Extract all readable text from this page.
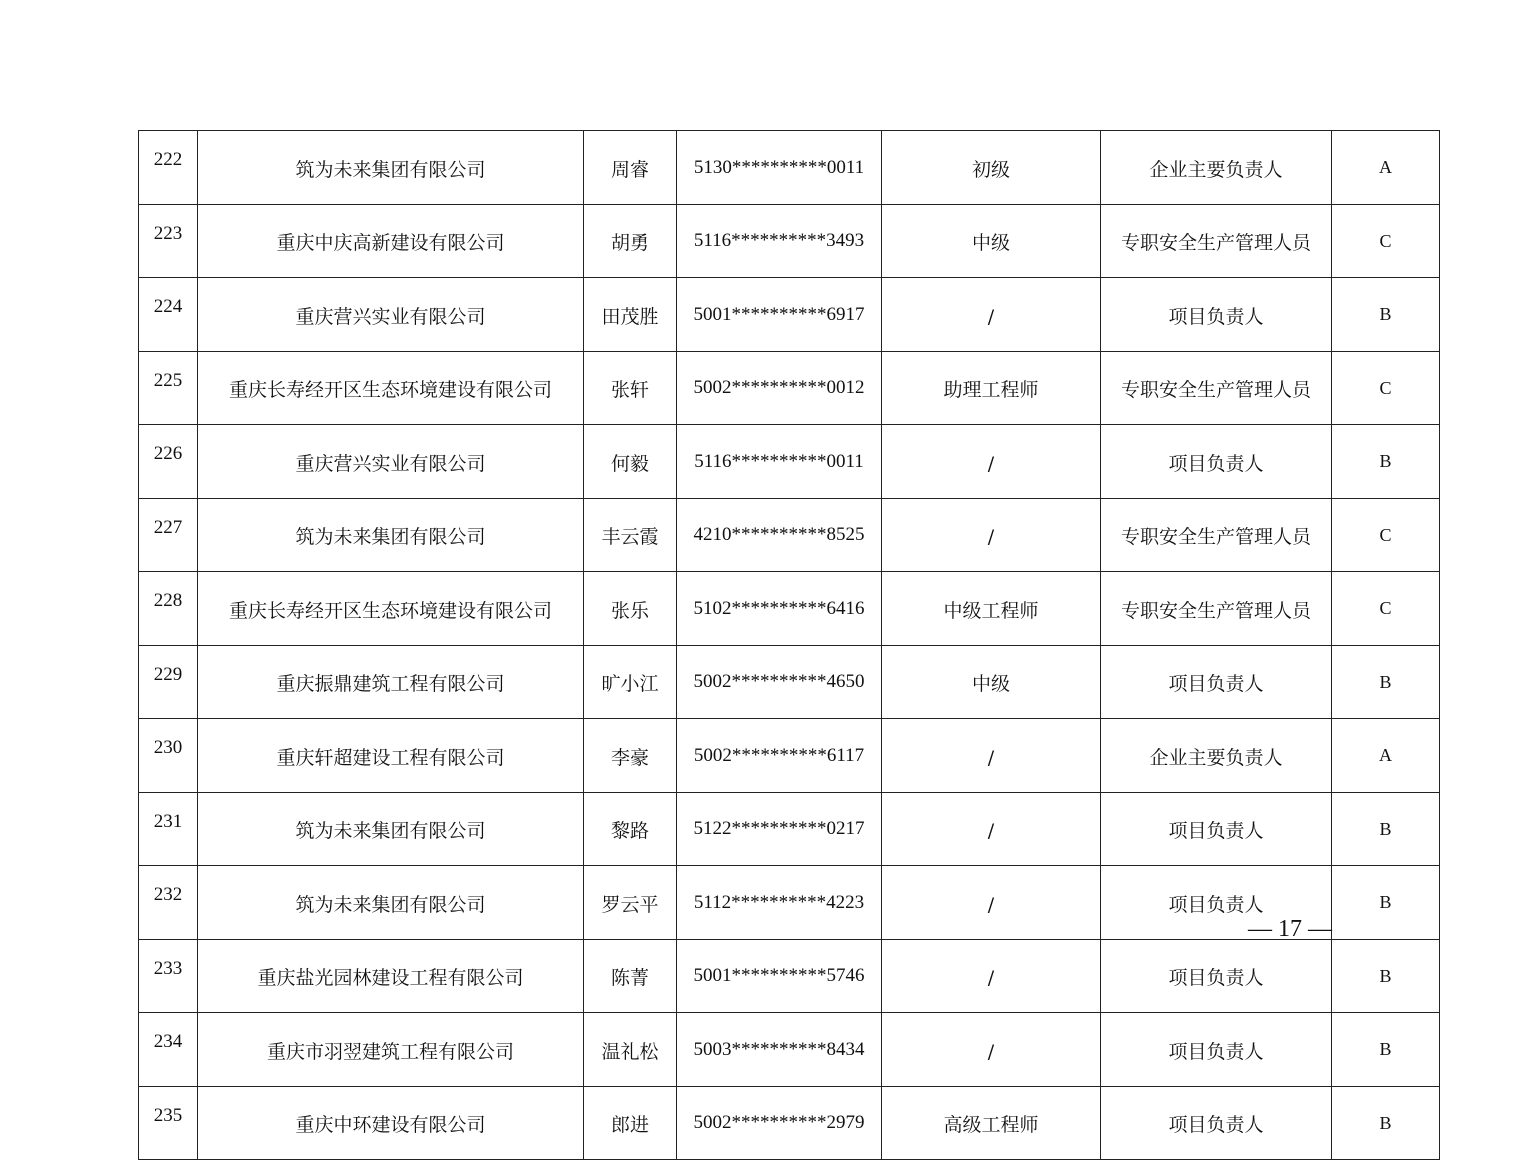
222	筑为未来集团有限公司	周睿	5130**********0011	初级	企业主要负责人	A
223	重庆中庆高新建设有限公司	胡勇	5116**********3493	中级	专职安全生产管理人员	C
224	重庆营兴实业有限公司	田茂胜	5001**********6917	/	项目负责人	B
225	重庆长寿经开区生态环境建设有限公司	张轩	5002**********0012	助理工程师	专职安全生产管理人员	C
226	重庆营兴实业有限公司	何毅	5116**********0011	/	项目负责人	B
227	筑为未来集团有限公司	丰云霞	4210**********8525	/	专职安全生产管理人员	C
228	重庆长寿经开区生态环境建设有限公司	张乐	5102**********6416	中级工程师	专职安全生产管理人员	C
229	重庆振鼎建筑工程有限公司	旷小江	5002**********4650	中级	项目负责人	B
230	重庆轩超建设工程有限公司	李豪	5002**********6117	/	企业主要负责人	A
231	筑为未来集团有限公司	黎路	5122**********0217	/	项目负责人	B
232	筑为未来集团有限公司	罗云平	5112**********4223	/	项目负责人	B
233	重庆盐光园林建设工程有限公司	陈菁	5001**********5746	/	项目负责人	B
234	重庆市羽翌建筑工程有限公司	温礼松	5003**********8434	/	项目负责人	B
235	重庆中环建设有限公司	郎进	5002**********2979	高级工程师	项目负责人	B
— 17 —
